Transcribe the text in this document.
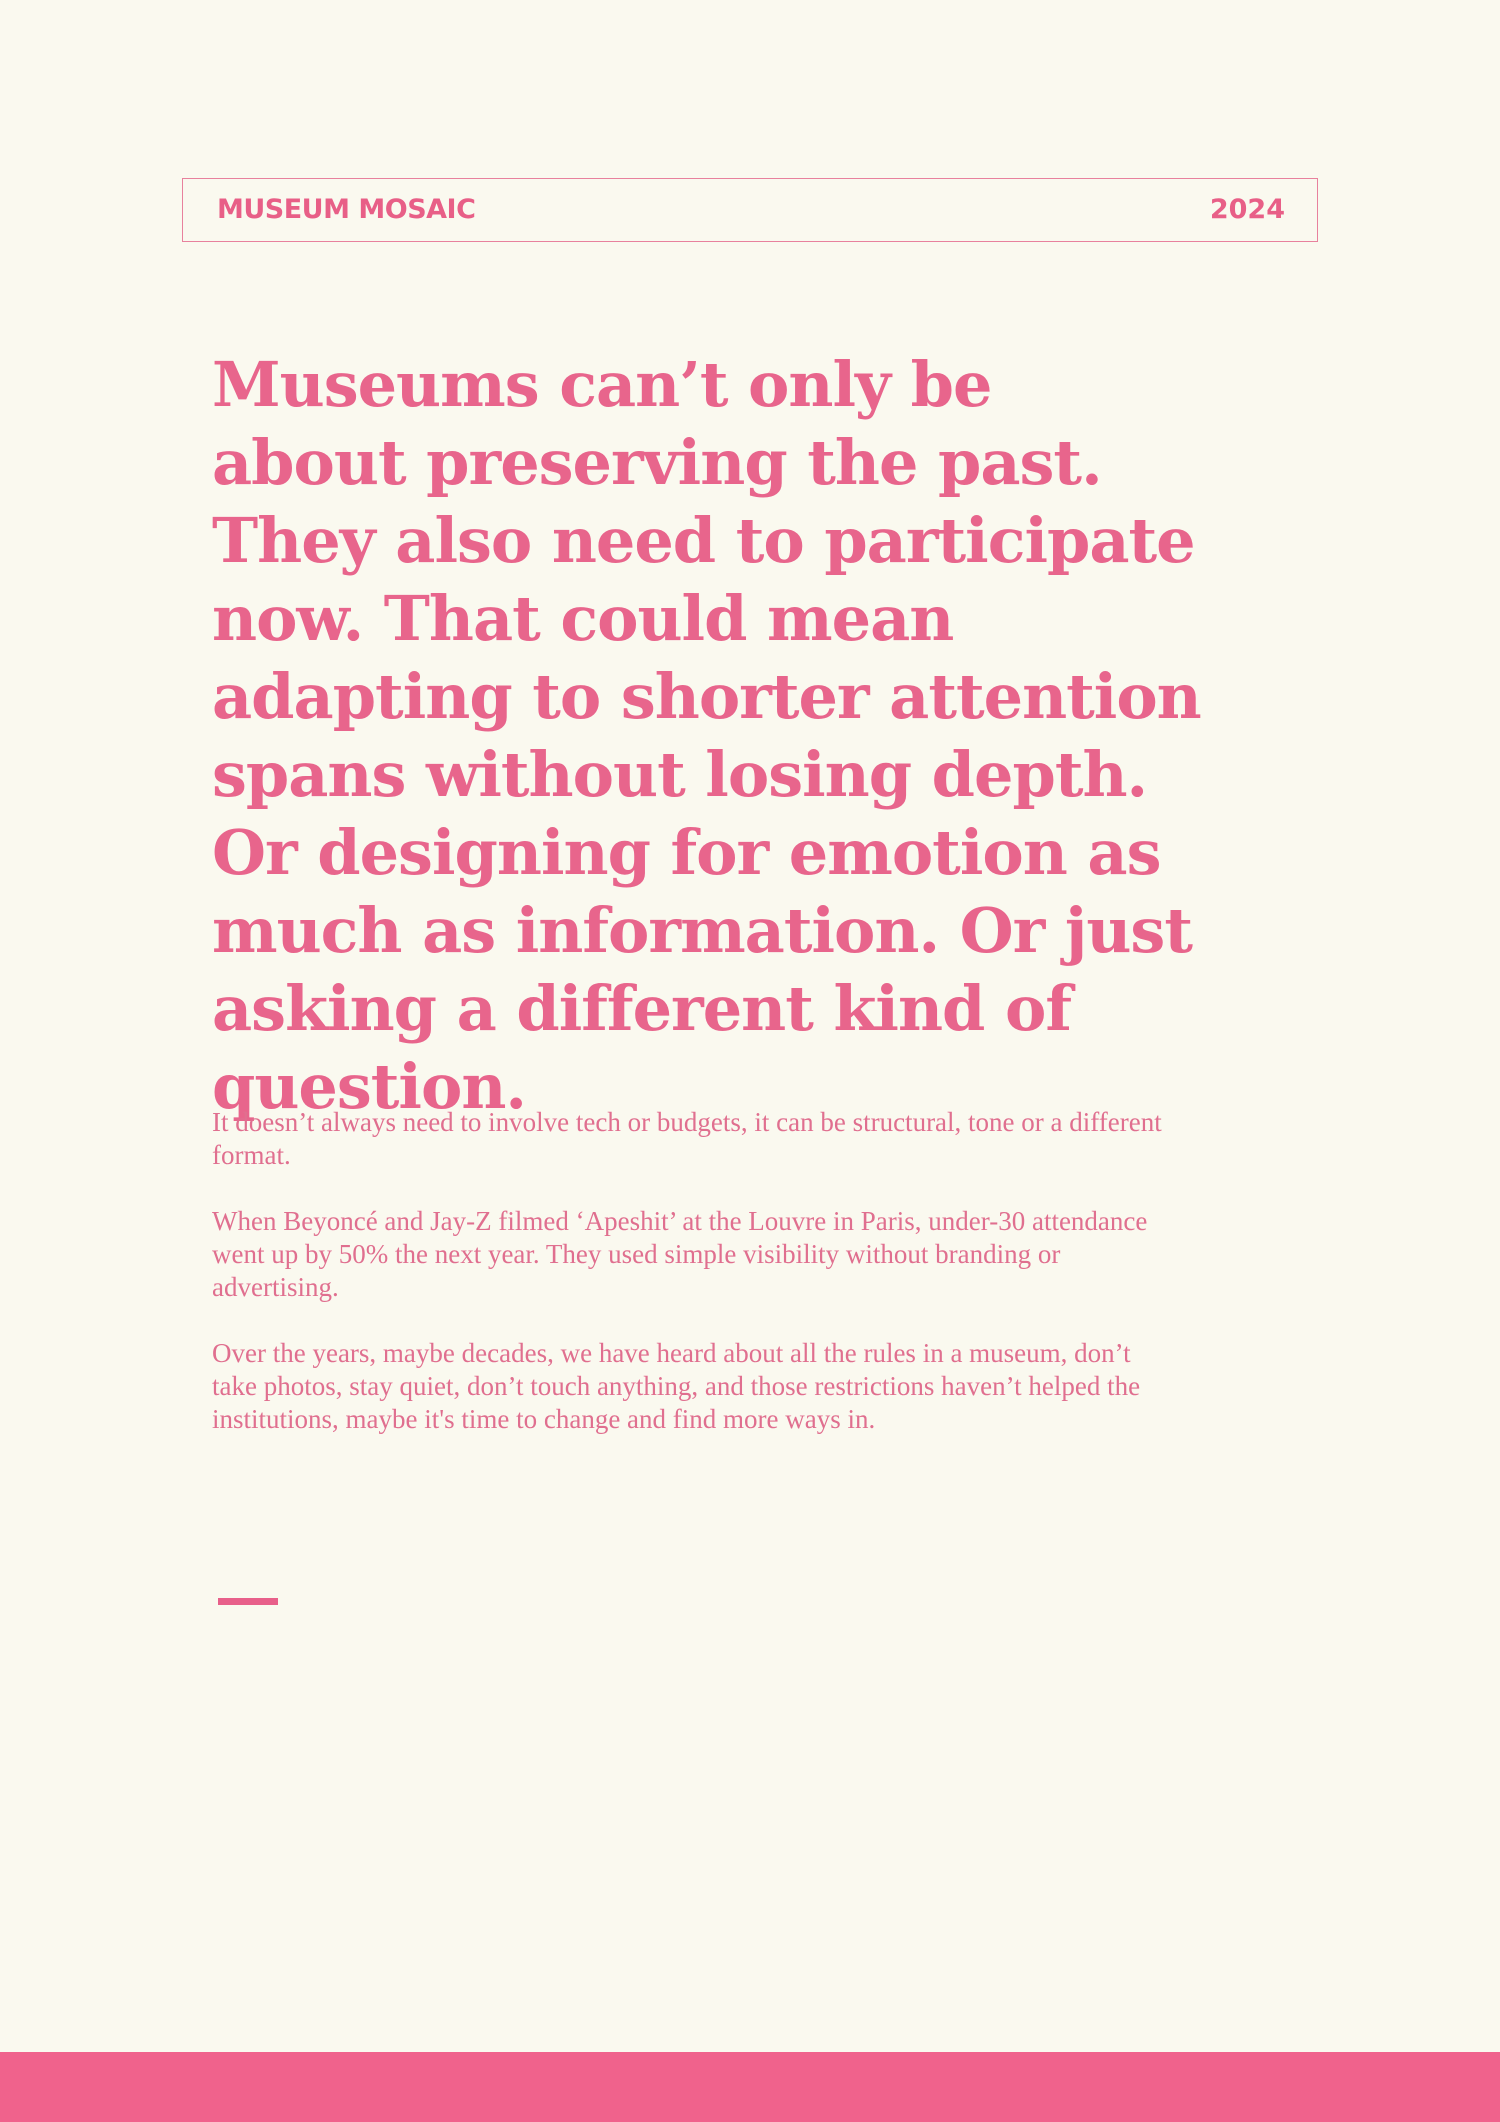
MUSEUM MOSAIC	2024
Museums can’t only be about preserving the past. They also need to participate now. That could mean adapting to shorter attention spans without losing depth. Or designing for emotion as much as information. Or just asking a different kind of question.

It doesn’t always need to involve tech or budgets, it can be structural, tone or a different format.

When Beyoncé and Jay-Z filmed ‘Apeshit’ at the Louvre in Paris, under-30 attendance went up by 50% the next year. They used simple visibility without branding or advertising.

Over the years, maybe decades, we have heard about all the rules in a museum, don’t take photos, stay quiet, don’t touch anything, and those restrictions haven’t helped the institutions, maybe it's time to change and find more ways in.
